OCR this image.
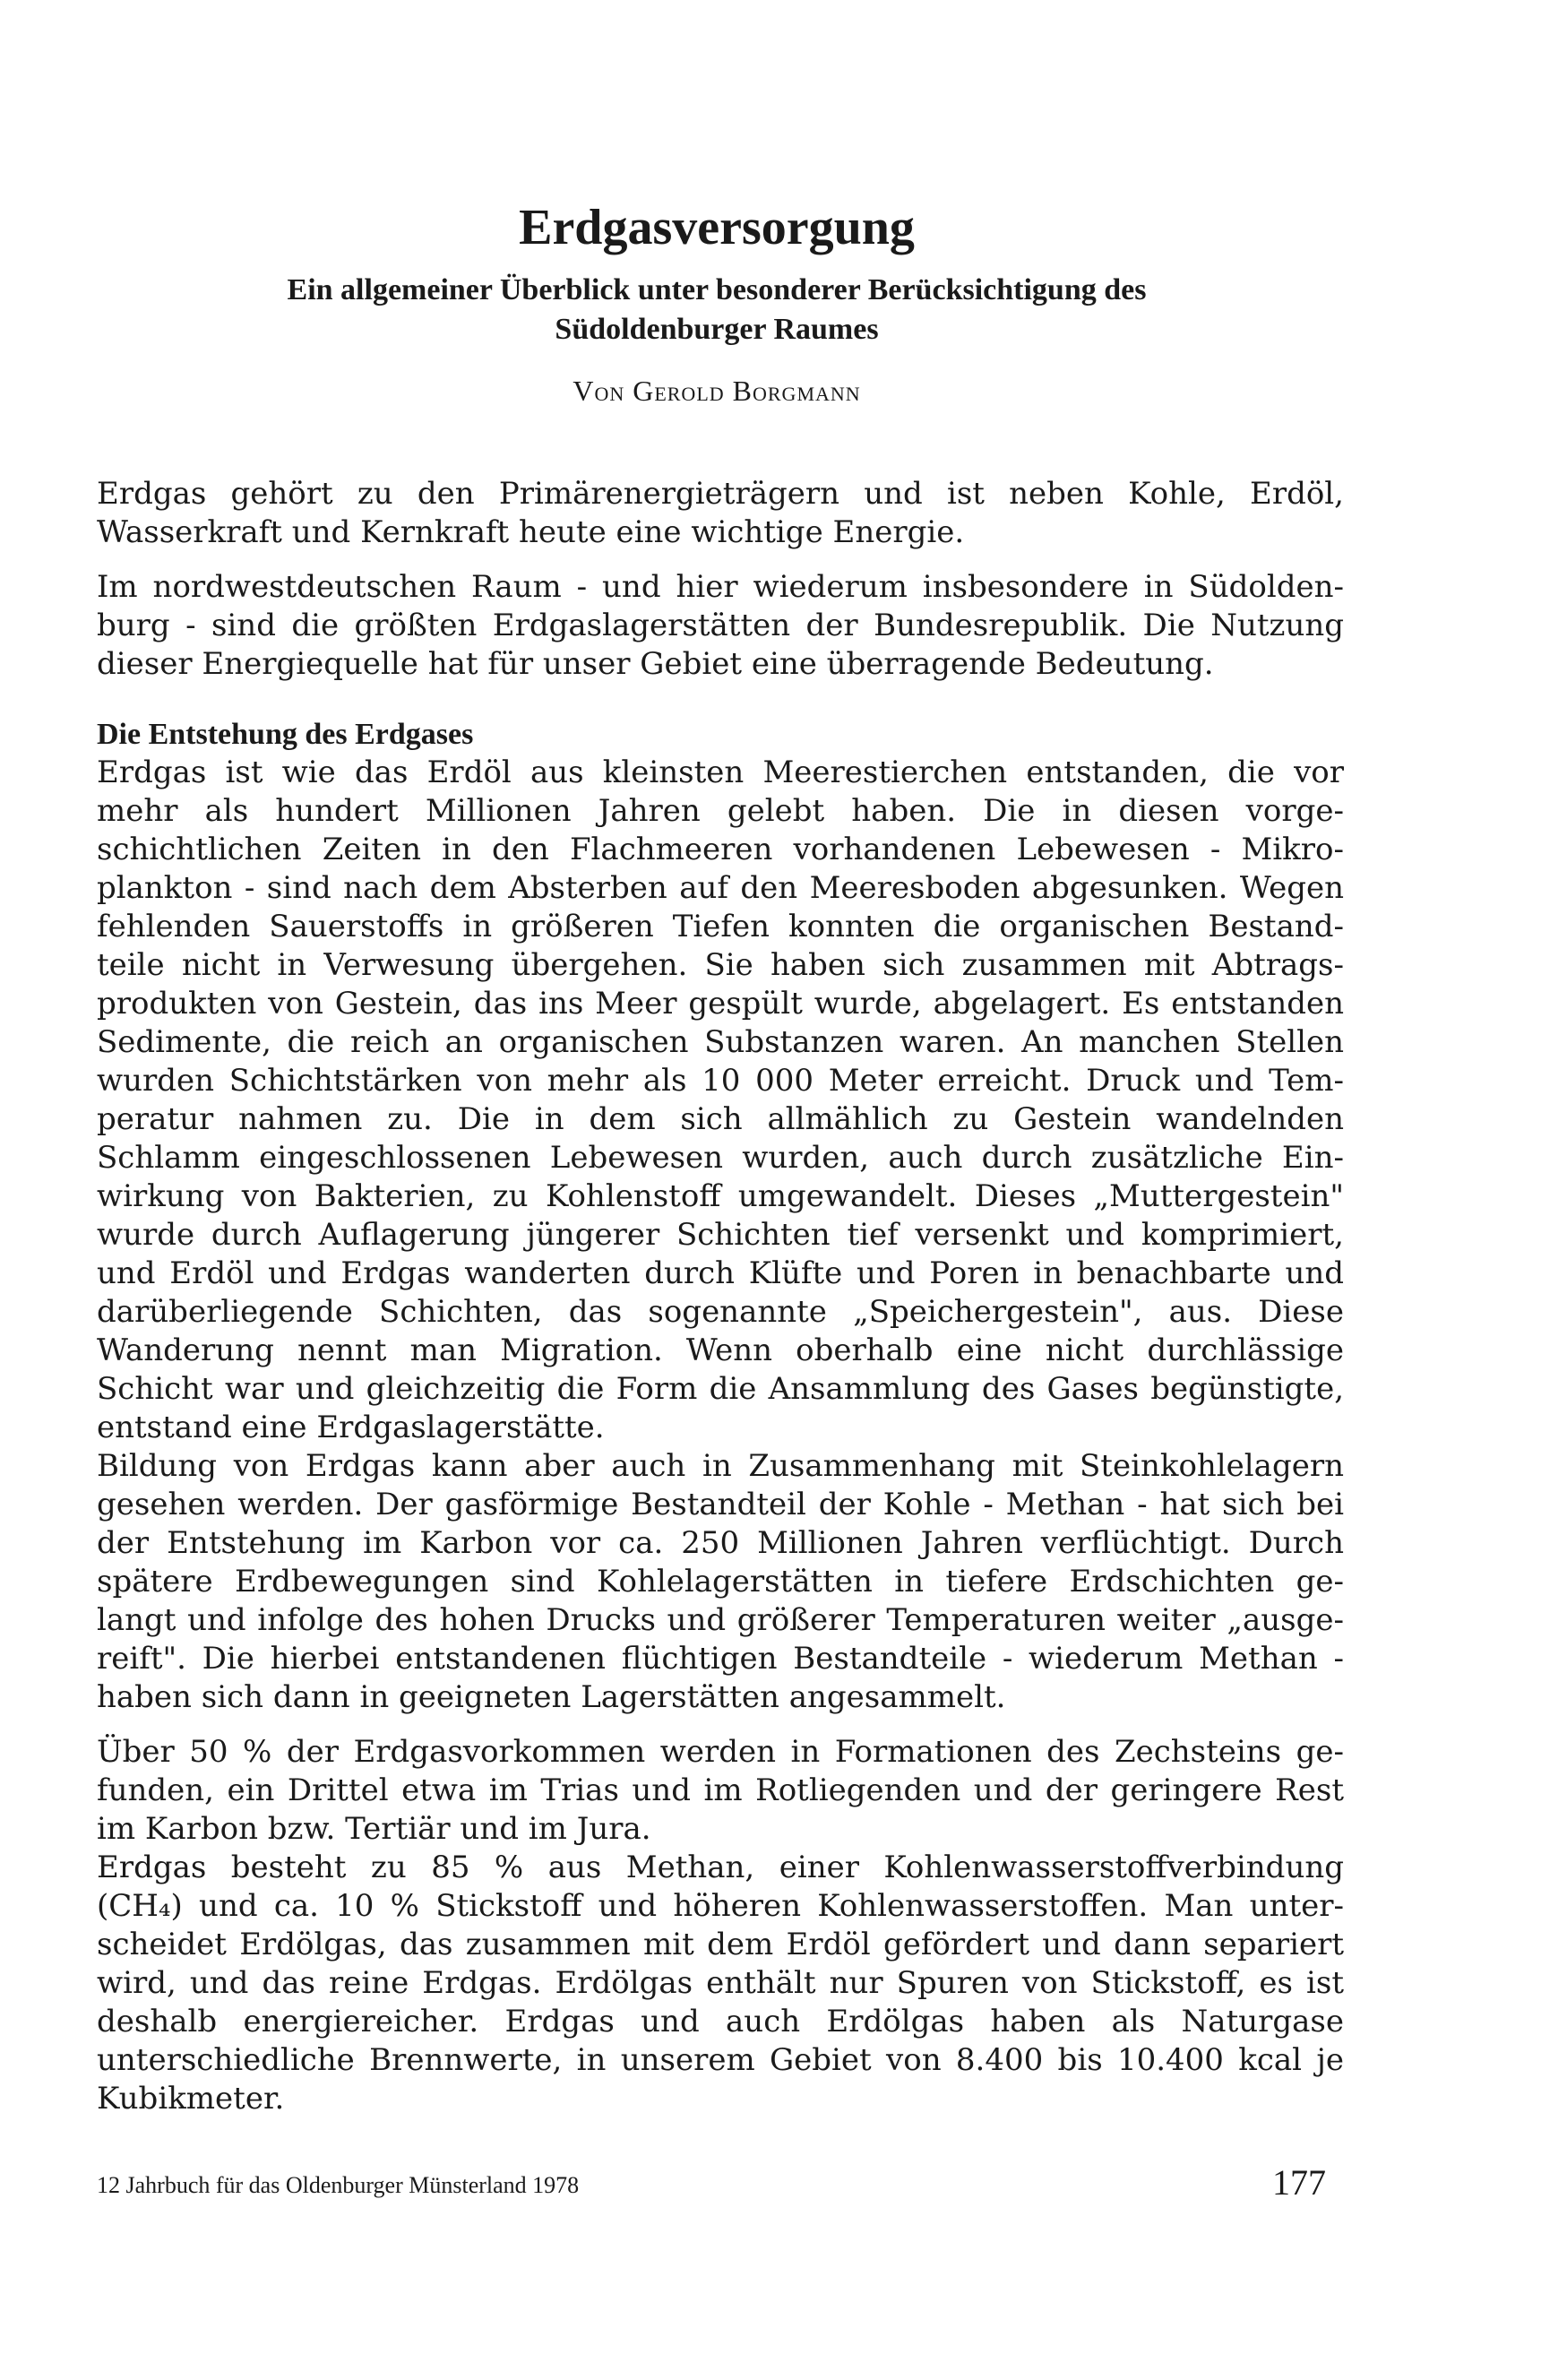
Erdgasversorgung
Ein allgemeiner Überblick unter besonderer Berücksichtigung des
Südoldenburger Raumes
Von Gerold Borgmann
Erdgas gehört zu den Primärenergieträgern und ist neben Kohle, Erdöl,
Wasserkraft und Kernkraft heute eine wichtige Energie.
Im nordwestdeutschen Raum - und hier wiederum insbesondere in Südolden-
burg - sind die größten Erdgaslagerstätten der Bundesrepublik. Die Nutzung
dieser Energiequelle hat für unser Gebiet eine überragende Bedeutung.
Die Entstehung des Erdgases
Erdgas ist wie das Erdöl aus kleinsten Meerestierchen entstanden, die vor
mehr als hundert Millionen Jahren gelebt haben. Die in diesen vorge-
schichtlichen Zeiten in den Flachmeeren vorhandenen Lebewesen - Mikro-
plankton - sind nach dem Absterben auf den Meeresboden abgesunken. Wegen
fehlenden Sauerstoffs in größeren Tiefen konnten die organischen Bestand-
teile nicht in Verwesung übergehen. Sie haben sich zusammen mit Abtrags-
produkten von Gestein, das ins Meer gespült wurde, abgelagert. Es entstanden
Sedimente, die reich an organischen Substanzen waren. An manchen Stellen
wurden Schichtstärken von mehr als 10 000 Meter erreicht. Druck und Tem-
peratur nahmen zu. Die in dem sich allmählich zu Gestein wandelnden
Schlamm eingeschlossenen Lebewesen wurden, auch durch zusätzliche Ein-
wirkung von Bakterien, zu Kohlenstoff umgewandelt. Dieses „Muttergestein"
wurde durch Auflagerung jüngerer Schichten tief versenkt und komprimiert,
und Erdöl und Erdgas wanderten durch Klüfte und Poren in benachbarte und
darüberliegende Schichten, das sogenannte „Speichergestein", aus. Diese
Wanderung nennt man Migration. Wenn oberhalb eine nicht durchlässige
Schicht war und gleichzeitig die Form die Ansammlung des Gases begünstigte,
entstand eine Erdgaslagerstätte.
Bildung von Erdgas kann aber auch in Zusammenhang mit Steinkohlelagern
gesehen werden. Der gasförmige Bestandteil der Kohle - Methan - hat sich bei
der Entstehung im Karbon vor ca. 250 Millionen Jahren verflüchtigt. Durch
spätere Erdbewegungen sind Kohlelagerstätten in tiefere Erdschichten ge-
langt und infolge des hohen Drucks und größerer Temperaturen weiter „ausge-
reift". Die hierbei entstandenen flüchtigen Bestandteile - wiederum Methan -
haben sich dann in geeigneten Lagerstätten angesammelt.
Über 50 % der Erdgasvorkommen werden in Formationen des Zechsteins ge-
funden, ein Drittel etwa im Trias und im Rotliegenden und der geringere Rest
im Karbon bzw. Tertiär und im Jura.
Erdgas besteht zu 85 % aus Methan, einer Kohlenwasserstoffverbindung
(CH₄) und ca. 10 % Stickstoff und höheren Kohlenwasserstoffen. Man unter-
scheidet Erdölgas, das zusammen mit dem Erdöl gefördert und dann separiert
wird, und das reine Erdgas. Erdölgas enthält nur Spuren von Stickstoff, es ist
deshalb energiereicher. Erdgas und auch Erdölgas haben als Naturgase
unterschiedliche Brennwerte, in unserem Gebiet von 8.400 bis 10.400 kcal je
Kubikmeter.
12 Jahrbuch für das Oldenburger Münsterland 1978	177
